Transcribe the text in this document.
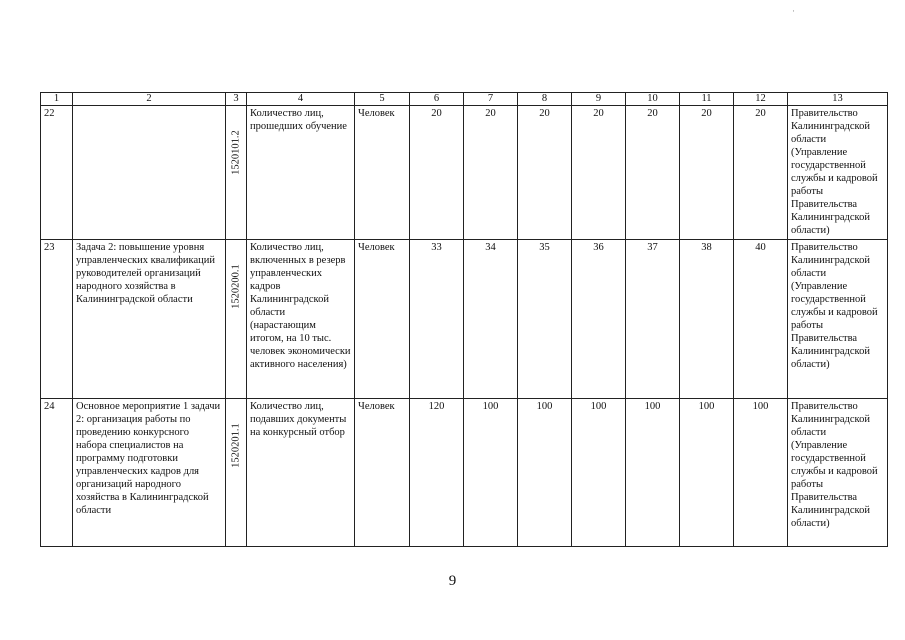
·
1	2	3	4	5	6	7	8	9	10	11	12	13
22		1520101.2	Количество лиц, прошедших обучение	Человек	20	20	20	20	20	20	20	Правительство Калининградской области (Управление государственной службы и кадровой работы Правительства Калининградской области)
23	Задача 2: повышение уровня управленческих квалификаций руководителей организаций народного хозяйства в Калининградской области	1520200.1	Количество лиц, включенных в резерв управленческих кадров Калининградской области (нарастающим итогом, на 10 тыс. человек экономически активного населения)	Человек	33	34	35	36	37	38	40	Правительство Калининградской области (Управление государственной службы и кадровой работы Правительства Калининградской области)
24	Основное мероприятие 1 задачи 2: организация работы по проведению конкурсного набора специалистов на программу подготовки управленческих кадров для организаций народного хозяйства в Калининградской области	1520201.1	Количество лиц, подавших документы на конкурсный отбор	Человек	120	100	100	100	100	100	100	Правительство Калининградской области (Управление государственной службы и кадровой работы Правительства Калининградской области)
9
